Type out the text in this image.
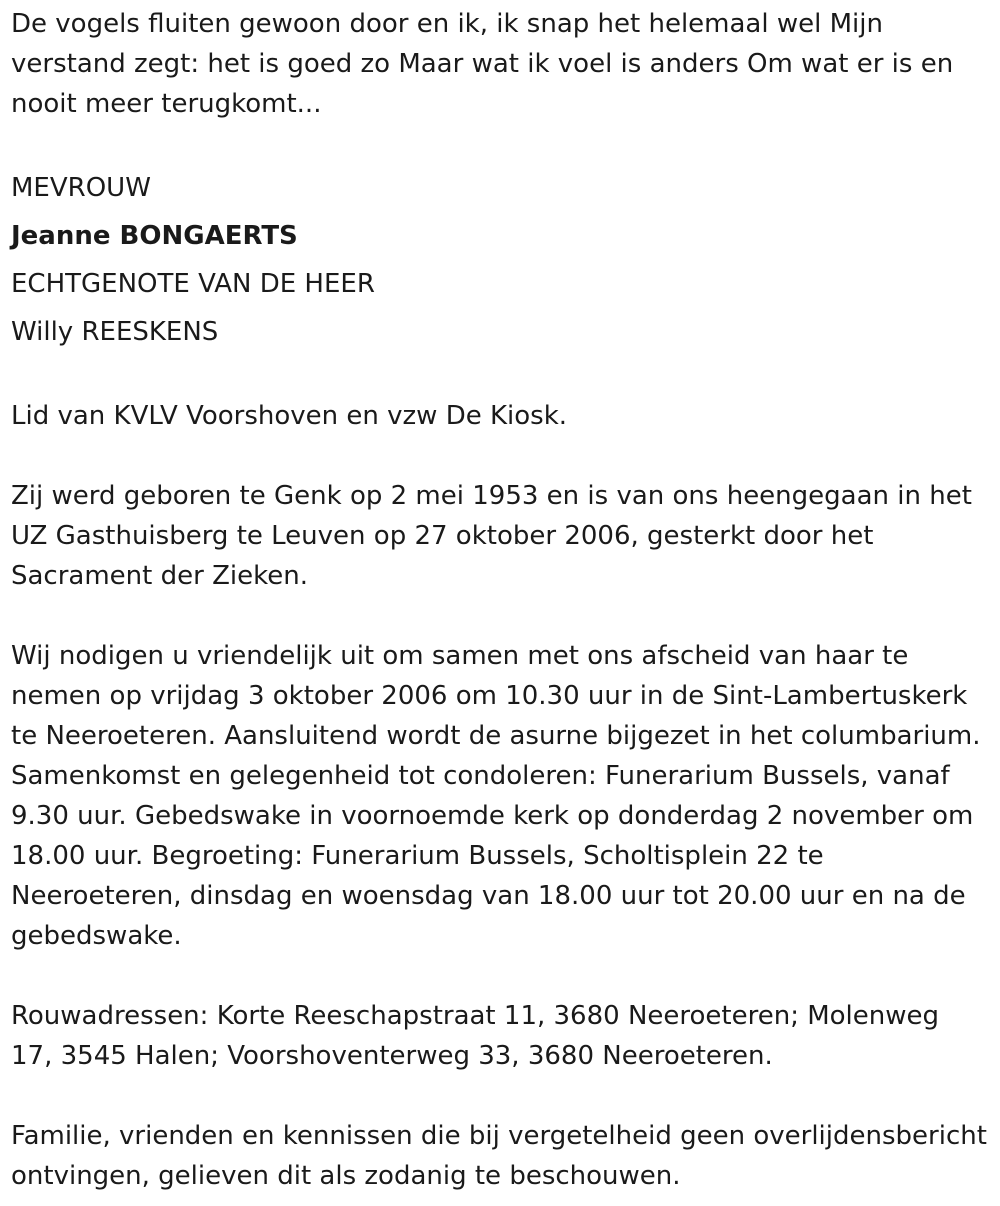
De vogels fluiten gewoon door en ik, ik snap het helemaal wel Mijn verstand zegt: het is goed zo Maar wat ik voel is anders Om wat er is en nooit meer terugkomt...

MEVROUW

Jeanne BONGAERTS

ECHTGENOTE VAN DE HEER

Willy REESKENS

Lid van KVLV Voorshoven en vzw De Kiosk.

Zij werd geboren te Genk op 2 mei 1953 en is van ons heengegaan in het UZ Gasthuisberg te Leuven op 27 oktober 2006, gesterkt door het Sacrament der Zieken.

Wij nodigen u vriendelijk uit om samen met ons afscheid van haar te nemen op vrijdag 3 oktober 2006 om 10.30 uur in de Sint-Lambertuskerk te Neeroeteren. Aansluitend wordt de asurne bijgezet in het columbarium. Samenkomst en gelegenheid tot condoleren: Funerarium Bussels, vanaf 9.30 uur. Gebedswake in voornoemde kerk op donderdag 2 november om 18.00 uur. Begroeting: Funerarium Bussels, Scholtisplein 22 te Neeroeteren, dinsdag en woensdag van 18.00 uur tot 20.00 uur en na de gebedswake.

Rouwadressen: Korte Reeschapstraat 11, 3680 Neeroeteren; Molenweg 17, 3545 Halen; Voorshoventerweg 33, 3680 Neeroeteren.

Familie, vrienden en kennissen die bij vergetelheid geen overlijdensbericht ontvingen, gelieven dit als zodanig te beschouwen.
